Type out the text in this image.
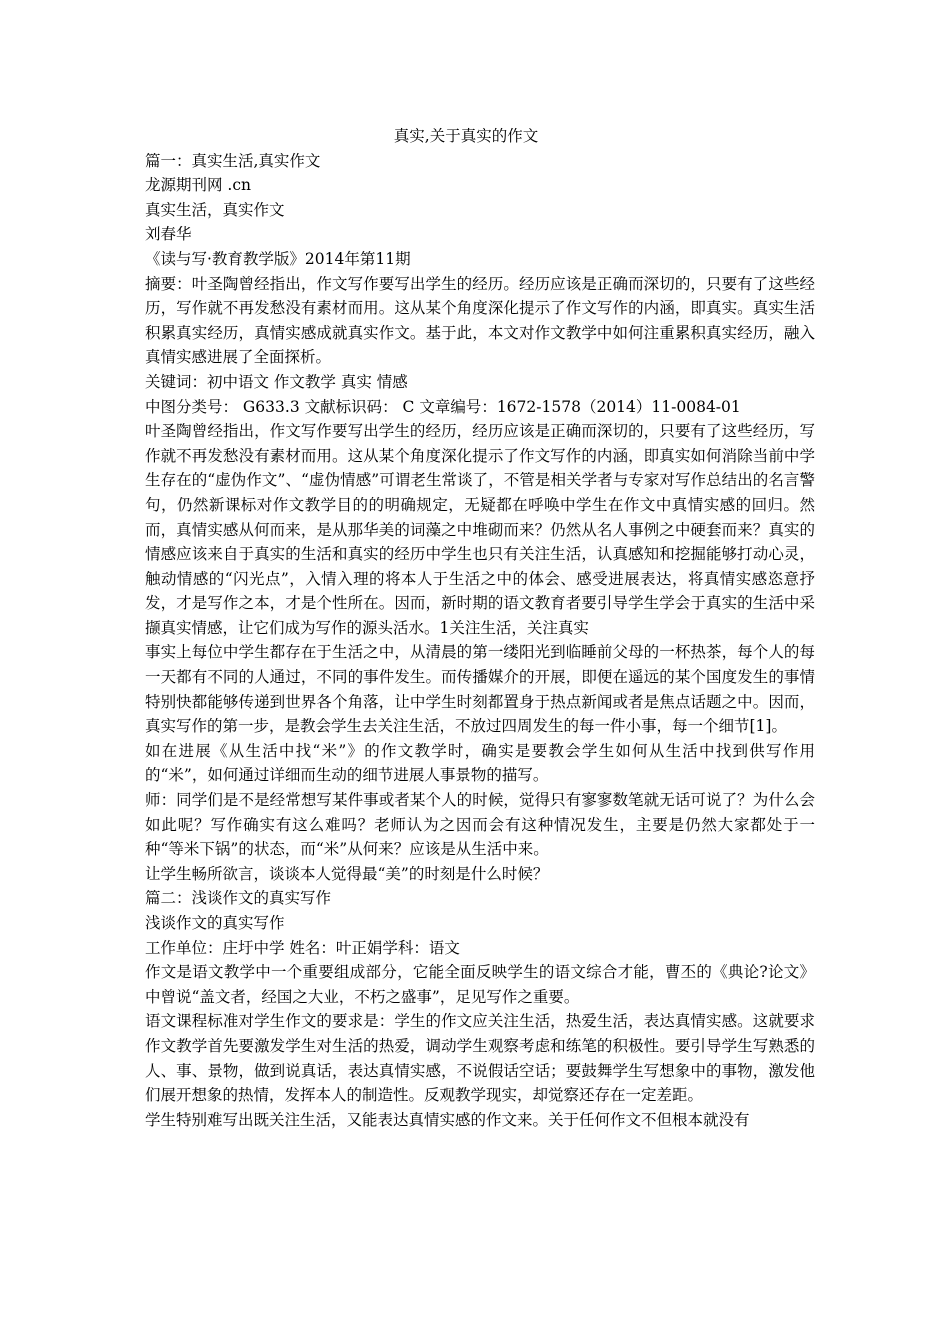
真实,关于真实的作文
篇一：真实生活,真实作文
龙源期刊网 .cn
真实生活，真实作文
刘春华
《读与写·教育教学版》2014年第11期
摘要：叶圣陶曾经指出，作文写作要写出学生的经历。经历应该是正确而深切的，只要有了这些经历，写作就不再发愁没有素材而用。这从某个角度深化提示了作文写作的内涵，即真实。真实生活积累真实经历，真情实感成就真实作文。基于此，本文对作文教学中如何注重累积真实经历，融入真情实感进展了全面探析。
关键词：初中语文 作文教学 真实 情感
中图分类号： G633.3 文献标识码： C 文章编号：1672-1578（2014）11-0084-01
叶圣陶曾经指出，作文写作要写出学生的经历，经历应该是正确而深切的，只要有了这些经历，写作就不再发愁没有素材而用。这从某个角度深化提示了作文写作的内涵，即真实如何消除当前中学生存在的“虚伪作文”、“虚伪情感”可谓老生常谈了，不管是相关学者与专家对写作总结出的名言警句，仍然新课标对作文教学目的的明确规定，无疑都在呼唤中学生在作文中真情实感的回归。然而，真情实感从何而来，是从那华美的词藻之中堆砌而来？仍然从名人事例之中硬套而来？真实的情感应该来自于真实的生活和真实的经历中学生也只有关注生活，认真感知和挖掘能够打动心灵，触动情感的“闪光点”，入情入理的将本人于生活之中的体会、感受进展表达，将真情实感恣意抒发，才是写作之本，才是个性所在。因而，新时期的语文教育者要引导学生学会于真实的生活中采撷真实情感，让它们成为写作的源头活水。1关注生活，关注真实
事实上每位中学生都存在于生活之中，从清晨的第一缕阳光到临睡前父母的一杯热茶，每个人的每一天都有不同的人通过，不同的事件发生。而传播媒介的开展，即便在遥远的某个国度发生的事情特别快都能够传递到世界各个角落，让中学生时刻都置身于热点新闻或者是焦点话题之中。因而，真实写作的第一步，是教会学生去关注生活，不放过四周发生的每一件小事，每一个细节[1]。
如在进展《从生活中找“米”》的作文教学时，确实是要教会学生如何从生活中找到供写作用的“米”，如何通过详细而生动的细节进展人事景物的描写。
师：同学们是不是经常想写某件事或者某个人的时候，觉得只有寥寥数笔就无话可说了？为什么会如此呢？写作确实有这么难吗？老师认为之因而会有这种情况发生，主要是仍然大家都处于一种“等米下锅”的状态，而“米”从何来？应该是从生活中来。
让学生畅所欲言，谈谈本人觉得最“美”的时刻是什么时候？
篇二：浅谈作文的真实写作
浅谈作文的真实写作
工作单位：庄圩中学 姓名：叶正娟学科：语文
作文是语文教学中一个重要组成部分，它能全面反映学生的语文综合才能，曹丕的《典论?论文》中曾说“盖文者，经国之大业，不朽之盛事”，足见写作之重要。
语文课程标准对学生作文的要求是：学生的作文应关注生活，热爱生活，表达真情实感。这就要求作文教学首先要激发学生对生活的热爱，调动学生观察考虑和练笔的积极性。要引导学生写熟悉的人、事、景物，做到说真话，表达真情实感，不说假话空话；要鼓舞学生写想象中的事物，激发他们展开想象的热情，发挥本人的制造性。反观教学现实，却觉察还存在一定差距。
学生特别难写出既关注生活，又能表达真情实感的作文来。关于任何作文不但根本就没有
